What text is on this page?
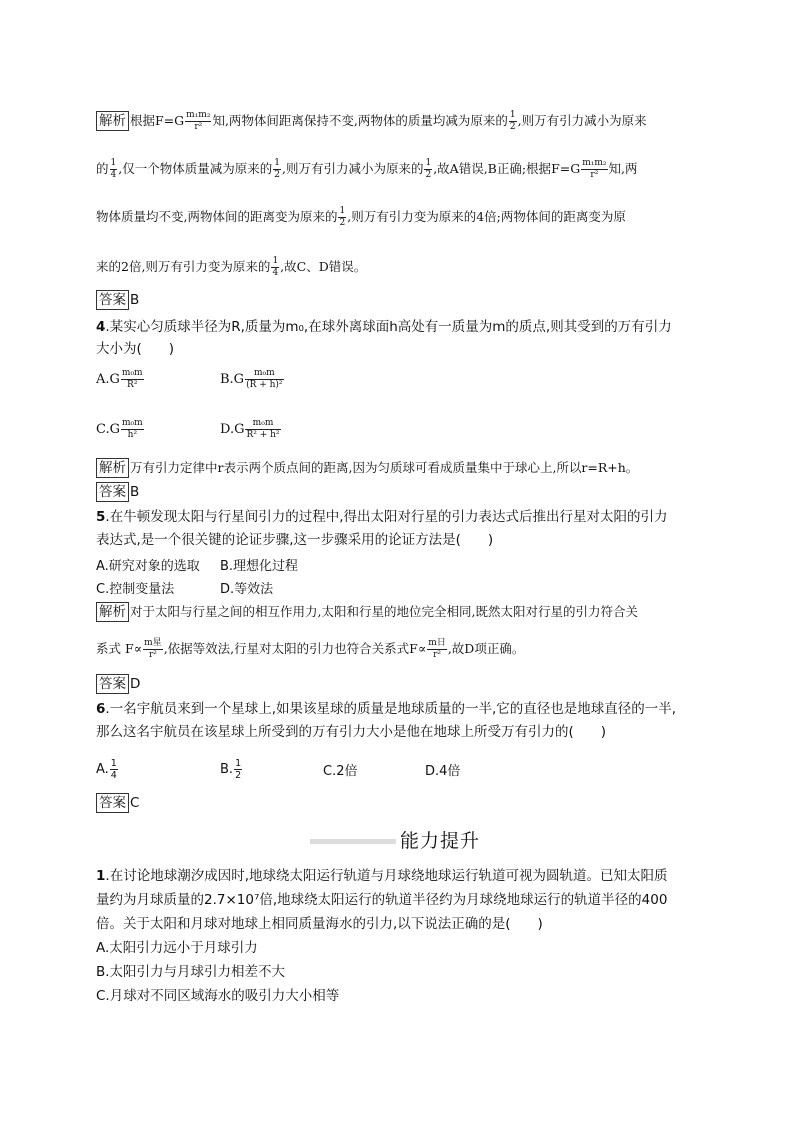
解析 根据$F=G \frac{\text{m₁m₂}}{\text{r²}}$ 知,两物体间距离保持不变,两物体的质量均减为原来的 $\frac{1}{2}$ ,则万有引力减小为原来
的 $\frac{1}{4}$ ,仅一个物体质量减为原来的 $\frac{1}{2}$ ,则万有引力减小为原来的 $\frac{1}{2}$ ,故A错误,B正确;根据$F=G \frac{\text{m₁m₂}}{\text{r²}}$ 知,两
物体质量均不变,两物体间的距离变为原来的 $\frac{1}{2}$ ,则万有引力变为原来的4倍;两物体间的距离变为原
来的2倍,则万有引力变为原来的 $\frac{1}{4}$ ,故C、D错误。
答案 B
4.某实心匀质球半径为R,质量为m₀,在球外离球面h高处有一质量为m的质点,则其受到的万有引力
大小为(　　)
$A.G \frac{\text{m₀m}}{\text{R²}}$	$B.G \frac{\text{m₀m}}{\text{(R + h)²}}$
$C.G \frac{\text{m₀m}}{\text{h²}}$	$D.G \frac{\text{m₀m}}{\text{R² + h²}}$
解析 万有引力定律中r表示两个质点间的距离,因为匀质球可看成质量集中于球心上,所以r=R+h。
答案 B
5.在牛顿发现太阳与行星间引力的过程中,得出太阳对行星的引力表达式后推出行星对太阳的引力
表达式,是一个很关键的论证步骤,这一步骤采用的论证方法是(　　)
A.研究对象的选取 B.理想化过程
C.控制变量法	D.等效法
解析 对于太阳与行星之间的相互作用力,太阳和行星的地位完全相同,既然太阳对行星的引力符合关
系式 $F\propto \frac{\text{m星}}{\text{r²}}$ ,依据等效法,行星对太阳的引力也符合关系式$F\propto \frac{\text{m日}}{\text{r²}}$ ,故D项正确。
答案 D
6.一名宇航员来到一个星球上,如果该星球的质量是地球质量的一半,它的直径也是地球直径的一半,
那么这名宇航员在该星球上所受到的万有引力大小是他在地球上所受万有引力的(　　)
A. $\frac{1}{4}$	B. $\frac{1}{2}$	C.2倍	D.4倍
答案 C
能力提升
1.在讨论地球潮汐成因时,地球绕太阳运行轨道与月球绕地球运行轨道可视为圆轨道。已知太阳质
量约为月球质量的2.7×10⁷倍,地球绕太阳运行的轨道半径约为月球绕地球运行的轨道半径的400
倍。关于太阳和月球对地球上相同质量海水的引力,以下说法正确的是(　　)
A.太阳引力远小于月球引力
B.太阳引力与月球引力相差不大
C.月球对不同区域海水的吸引力大小相等
